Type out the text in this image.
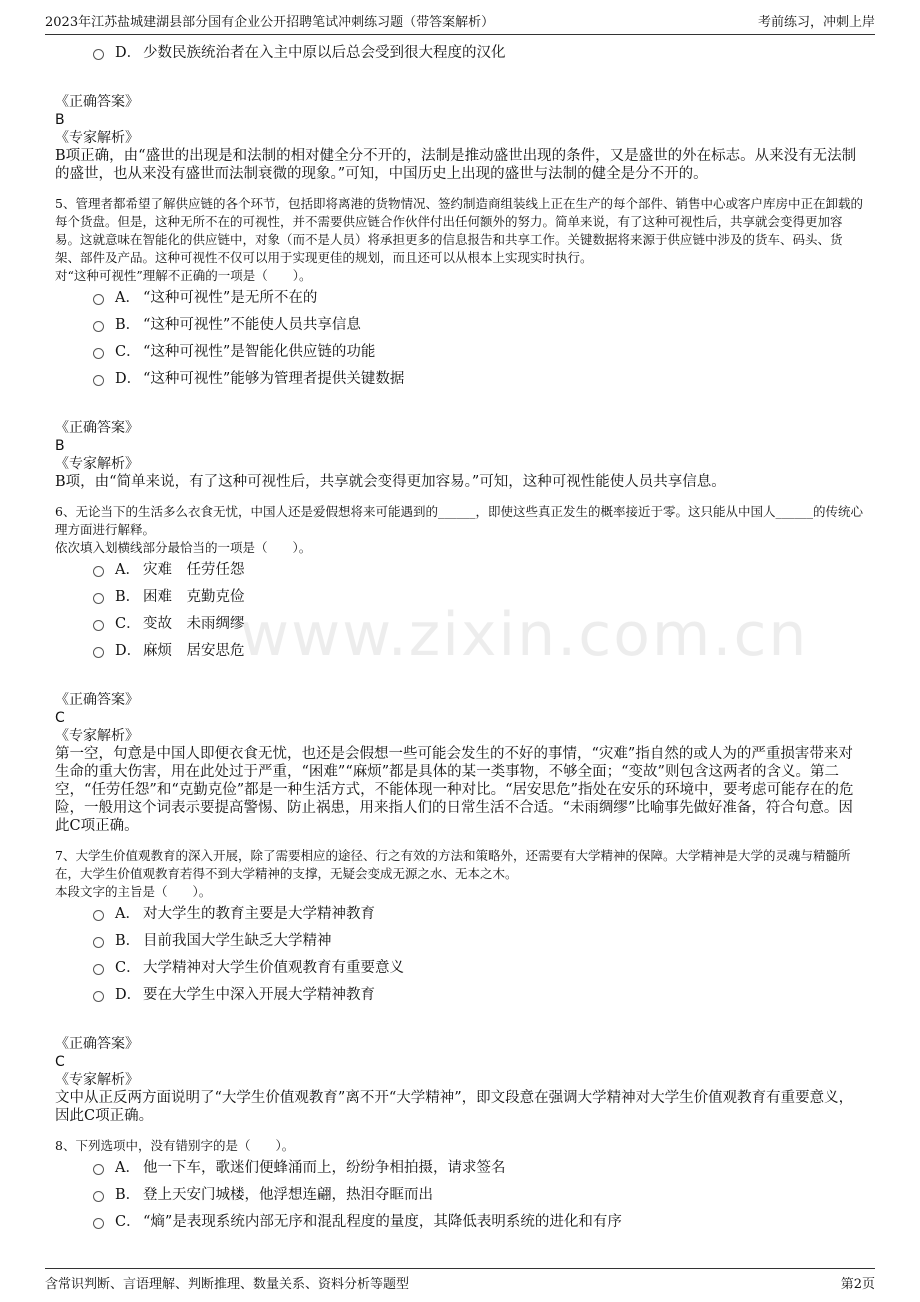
2023年江苏盐城建湖县部分国有企业公开招聘笔试冲刺练习题（带答案解析）	考前练习，冲刺上岸
www.zixin.com.cn
D． 少数民族统治者在入主中原以后总会受到很大程度的汉化
《正确答案》
B
《专家解析》
B项正确，由“盛世的出现是和法制的相对健全分不开的，法制是推动盛世出现的条件，又是盛世的外在标志。从来没有无法制的盛世，也从来没有盛世而法制衰微的现象。”可知，中国历史上出现的盛世与法制的健全是分不开的。
5、管理者都希望了解供应链的各个环节，包括即将离港的货物情况、签约制造商组装线上正在生产的每个部件、销售中心或客户库房中正在卸载的每个货盘。但是，这种无所不在的可视性，并不需要供应链合作伙伴付出任何额外的努力。简单来说，有了这种可视性后，共享就会变得更加容易。这就意味在智能化的供应链中，对象（而不是人员）将承担更多的信息报告和共享工作。关键数据将来源于供应链中涉及的货车、码头、货架、部件及产品。这种可视性不仅可以用于实现更佳的规划，而且还可以从根本上实现实时执行。
对“这种可视性”理解不正确的一项是（　　）。
A． “这种可视性”是无所不在的
B． “这种可视性”不能使人员共享信息
C． “这种可视性”是智能化供应链的功能
D． “这种可视性”能够为管理者提供关键数据
《正确答案》
B
《专家解析》
B项，由“简单来说，有了这种可视性后，共享就会变得更加容易。”可知，这种可视性能使人员共享信息。
6、无论当下的生活多么衣食无忧，中国人还是爱假想将来可能遇到的______，即使这些真正发生的概率接近于零。这只能从中国人______的传统心理方面进行解释。
依次填入划横线部分最恰当的一项是（　　）。
A． 灾难　任劳任怨
B． 困难　克勤克俭
C． 变故　未雨绸缪
D． 麻烦　居安思危
《正确答案》
C
《专家解析》
第一空，句意是中国人即便衣食无忧，也还是会假想一些可能会发生的不好的事情，“灾难”指自然的或人为的严重损害带来对生命的重大伤害，用在此处过于严重，“困难”“麻烦”都是具体的某一类事物，不够全面；“变故”则包含这两者的含义。第二空，“任劳任怨”和“克勤克俭”都是一种生活方式，不能体现一种对比。“居安思危”指处在安乐的环境中，要考虑可能存在的危险，一般用这个词表示要提高警惕、防止祸患，用来指人们的日常生活不合适。“未雨绸缪”比喻事先做好准备，符合句意。因此C项正确。
7、大学生价值观教育的深入开展，除了需要相应的途径、行之有效的方法和策略外，还需要有大学精神的保障。大学精神是大学的灵魂与精髓所在，大学生价值观教育若得不到大学精神的支撑，无疑会变成无源之水、无本之木。
本段文字的主旨是（　　）。
A． 对大学生的教育主要是大学精神教育
B． 目前我国大学生缺乏大学精神
C． 大学精神对大学生价值观教育有重要意义
D． 要在大学生中深入开展大学精神教育
《正确答案》
C
《专家解析》
文中从正反两方面说明了“大学生价值观教育”离不开“大学精神”，即文段意在强调大学精神对大学生价值观教育有重要意义，因此C项正确。
8、下列选项中，没有错别字的是（　　）。
A． 他一下车，歌迷们便蜂涌而上，纷纷争相拍摄，请求签名
B． 登上天安门城楼，他浮想连翩，热泪夺眶而出
C． “熵”是表现系统内部无序和混乱程度的量度，其降低表明系统的进化和有序
含常识判断、言语理解、判断推理、数量关系、资料分析等题型	第2页
